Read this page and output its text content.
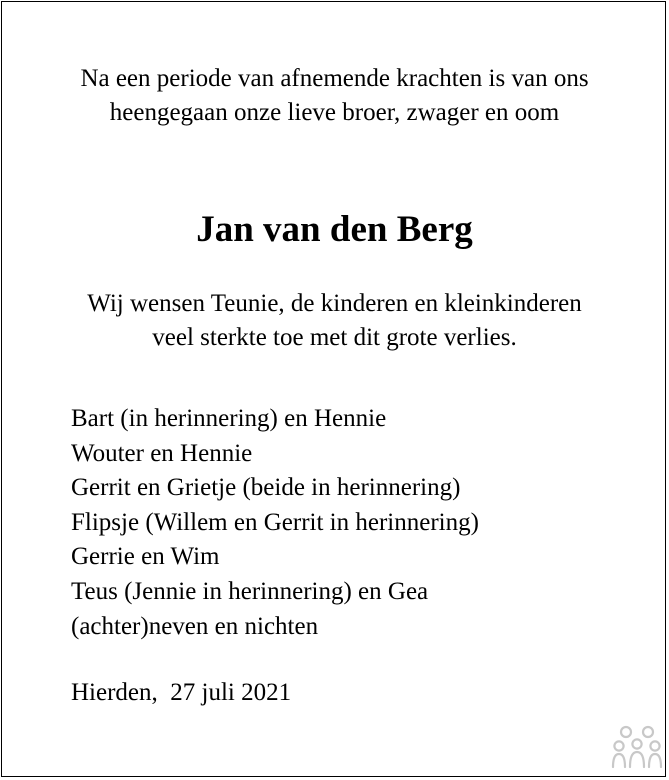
Na een periode van afnemende krachten is van ons
heengegaan onze lieve broer, zwager en oom
Jan van den Berg
Wij wensen Teunie, de kinderen en kleinkinderen
veel sterkte toe met dit grote verlies.
Bart (in herinnering) en Hennie
Wouter en Hennie
Gerrit en Grietje (beide in herinnering)
Flipsje (Willem en Gerrit in herinnering)
Gerrie en Wim
Teus (Jennie in herinnering) en Gea
(achter)neven en nichten
Hierden,  27 juli 2021
